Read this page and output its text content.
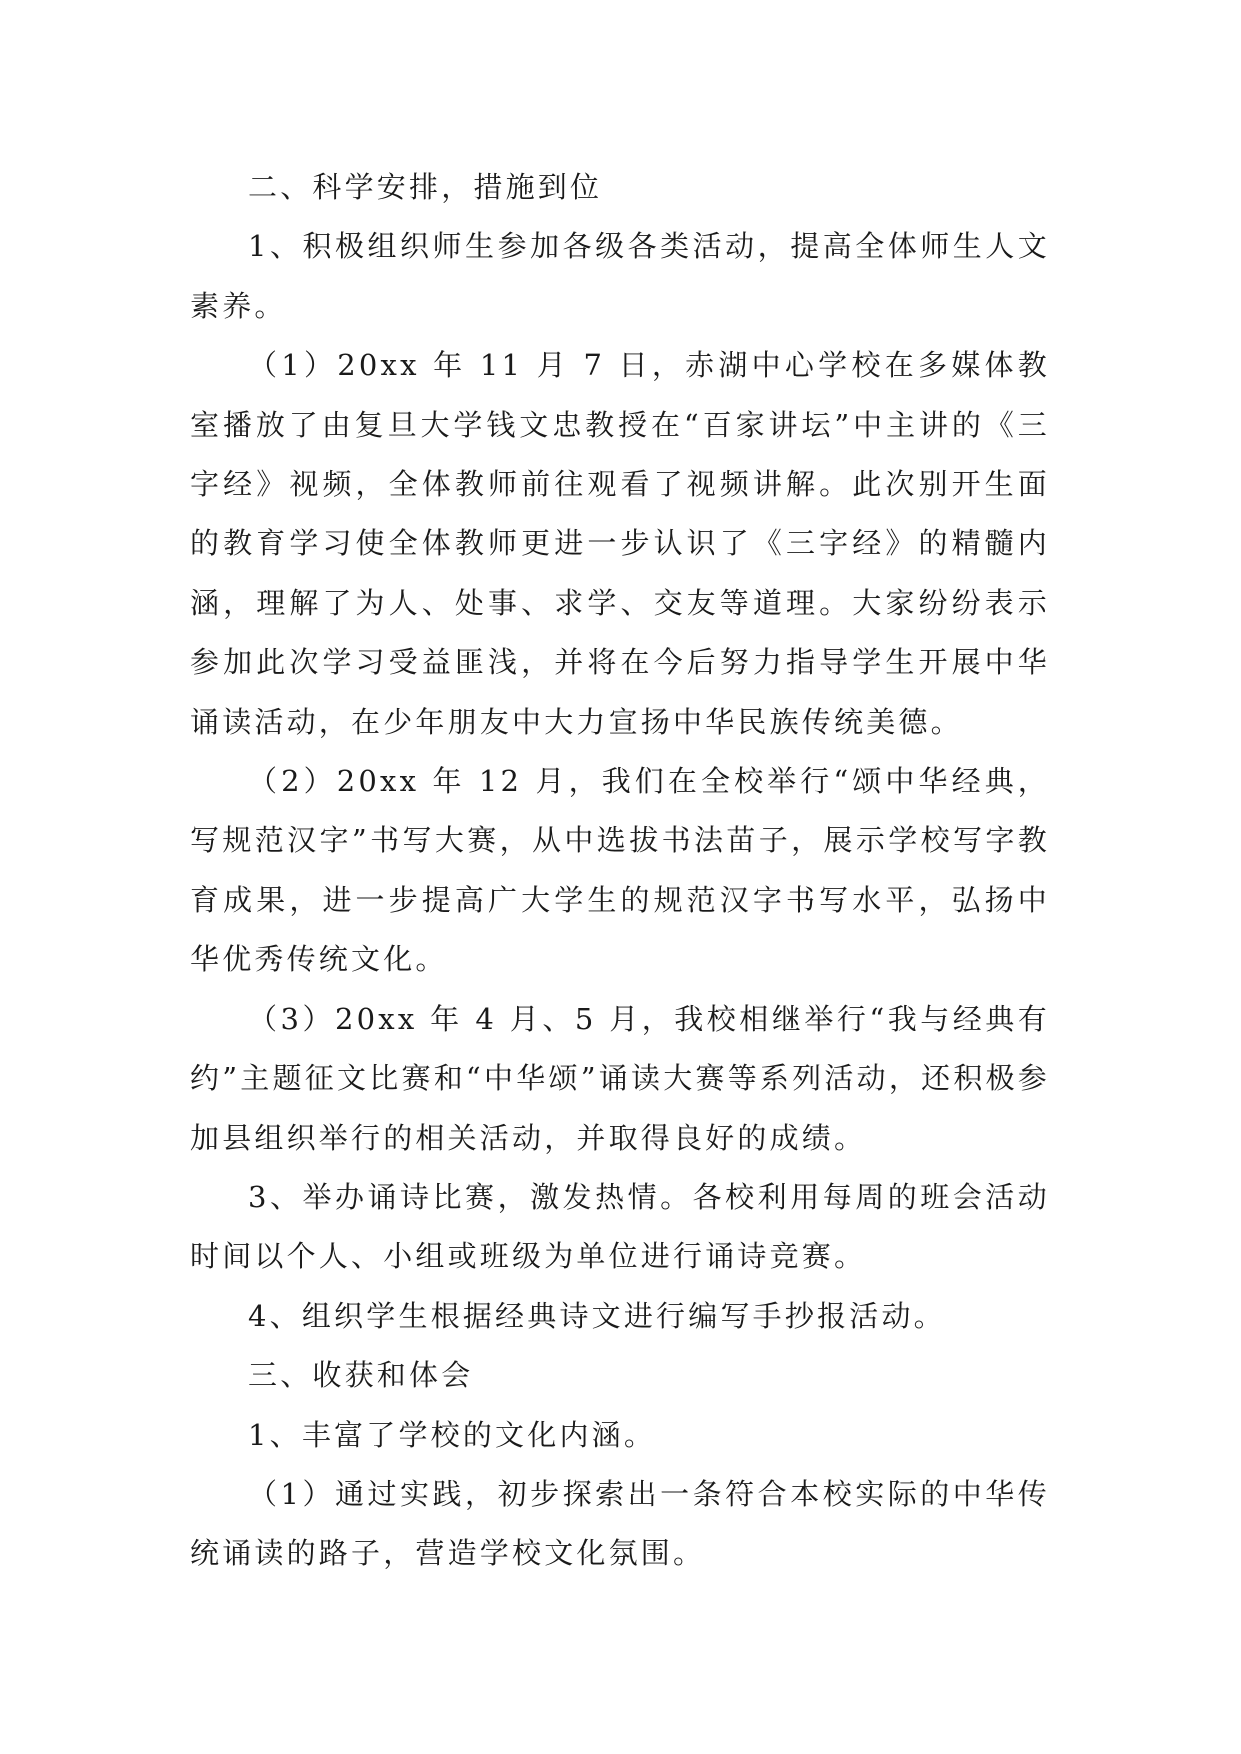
二、科学安排，措施到位

1、积极组织师生参加各级各类活动，提高全体师生人文素养。

（1）20xx 年 11 月 7 日，赤湖中心学校在多媒体教室播放了由复旦大学钱文忠教授在“百家讲坛”中主讲的《三字经》视频，全体教师前往观看了视频讲解。此次别开生面的教育学习使全体教师更进一步认识了《三字经》的精髓内涵，理解了为人、处事、求学、交友等道理。大家纷纷表示参加此次学习受益匪浅，并将在今后努力指导学生开展中华诵读活动，在少年朋友中大力宣扬中华民族传统美德。

（2）20xx 年 12 月，我们在全校举行“颂中华经典，写规范汉字”书写大赛，从中选拔书法苗子，展示学校写字教育成果，进一步提高广大学生的规范汉字书写水平，弘扬中华优秀传统文化。

（3）20xx 年 4 月、5 月，我校相继举行“我与经典有约”主题征文比赛和“中华颂”诵读大赛等系列活动，还积极参加县组织举行的相关活动，并取得良好的成绩。

3、举办诵诗比赛，激发热情。各校利用每周的班会活动时间以个人、小组或班级为单位进行诵诗竞赛。

4、组织学生根据经典诗文进行编写手抄报活动。

三、收获和体会

1、丰富了学校的文化内涵。

（1）通过实践，初步探索出一条符合本校实际的中华传统诵读的路子，营造学校文化氛围。
